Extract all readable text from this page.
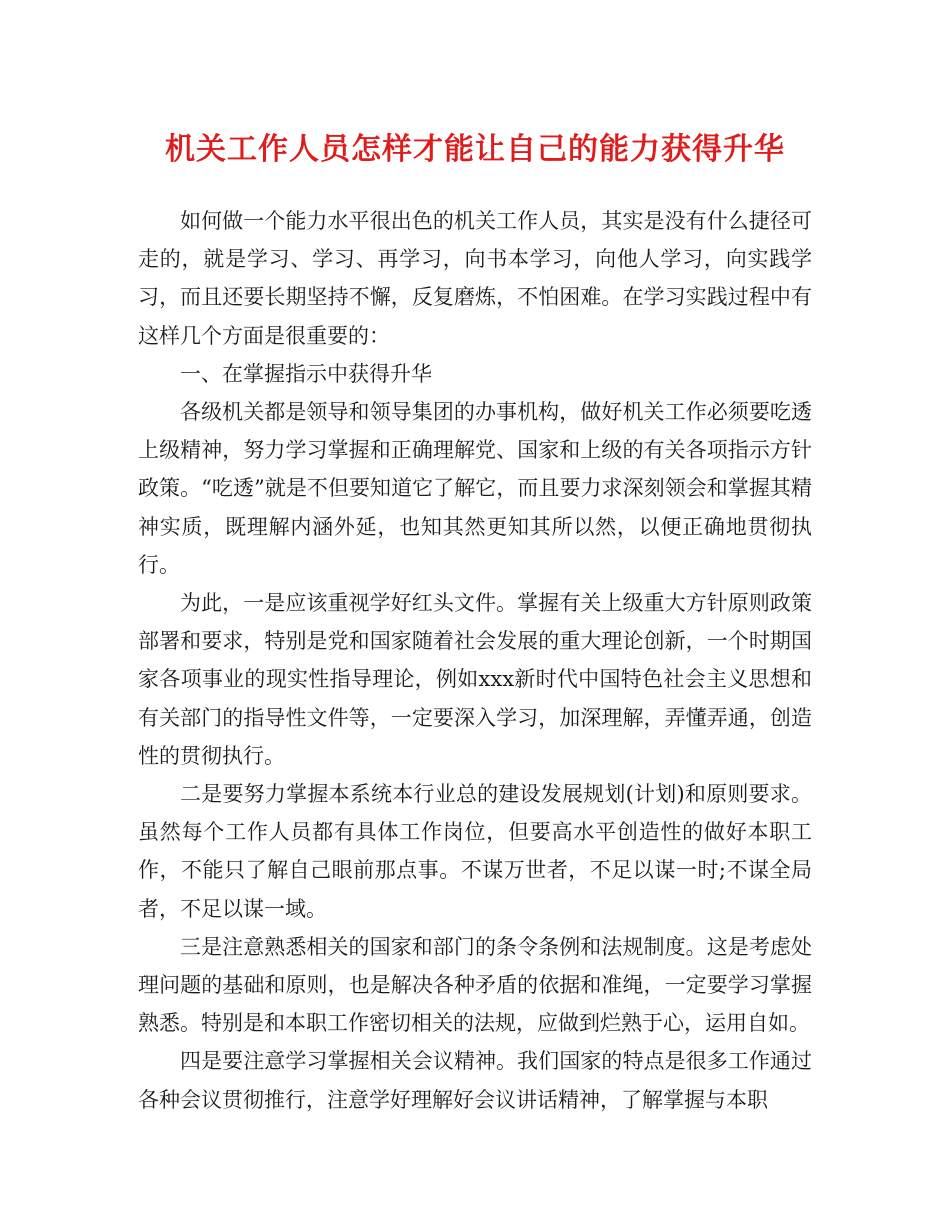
机关工作人员怎样才能让自己的能力获得升华

如何做一个能力水平很出色的机关工作人员，其实是没有什么捷径可走的，就是学习、学习、再学习，向书本学习，向他人学习，向实践学习，而且还要长期坚持不懈，反复磨炼，不怕困难。在学习实践过程中有这样几个方面是很重要的：

一、在掌握指示中获得升华

各级机关都是领导和领导集团的办事机构，做好机关工作必须要吃透上级精神，努力学习掌握和正确理解党、国家和上级的有关各项指示方针政策。“吃透”就是不但要知道它了解它，而且要力求深刻领会和掌握其精神实质，既理解内涵外延，也知其然更知其所以然，以便正确地贯彻执行。

为此，一是应该重视学好红头文件。掌握有关上级重大方针原则政策部署和要求，特别是党和国家随着社会发展的重大理论创新，一个时期国家各项事业的现实性指导理论，例如xxx新时代中国特色社会主义思想和有关部门的指导性文件等，一定要深入学习，加深理解，弄懂弄通，创造性的贯彻执行。

二是要努力掌握本系统本行业总的建设发展规划(计划)和原则要求。虽然每个工作人员都有具体工作岗位，但要高水平创造性的做好本职工作，不能只了解自己眼前那点事。不谋万世者，不足以谋一时;不谋全局者，不足以谋一域。

三是注意熟悉相关的国家和部门的条令条例和法规制度。这是考虑处理问题的基础和原则，也是解决各种矛盾的依据和准绳，一定要学习掌握熟悉。特别是和本职工作密切相关的法规，应做到烂熟于心，运用自如。

四是要注意学习掌握相关会议精神。我们国家的特点是很多工作通过各种会议贯彻推行，注意学好理解好会议讲话精神，了解掌握与本职
